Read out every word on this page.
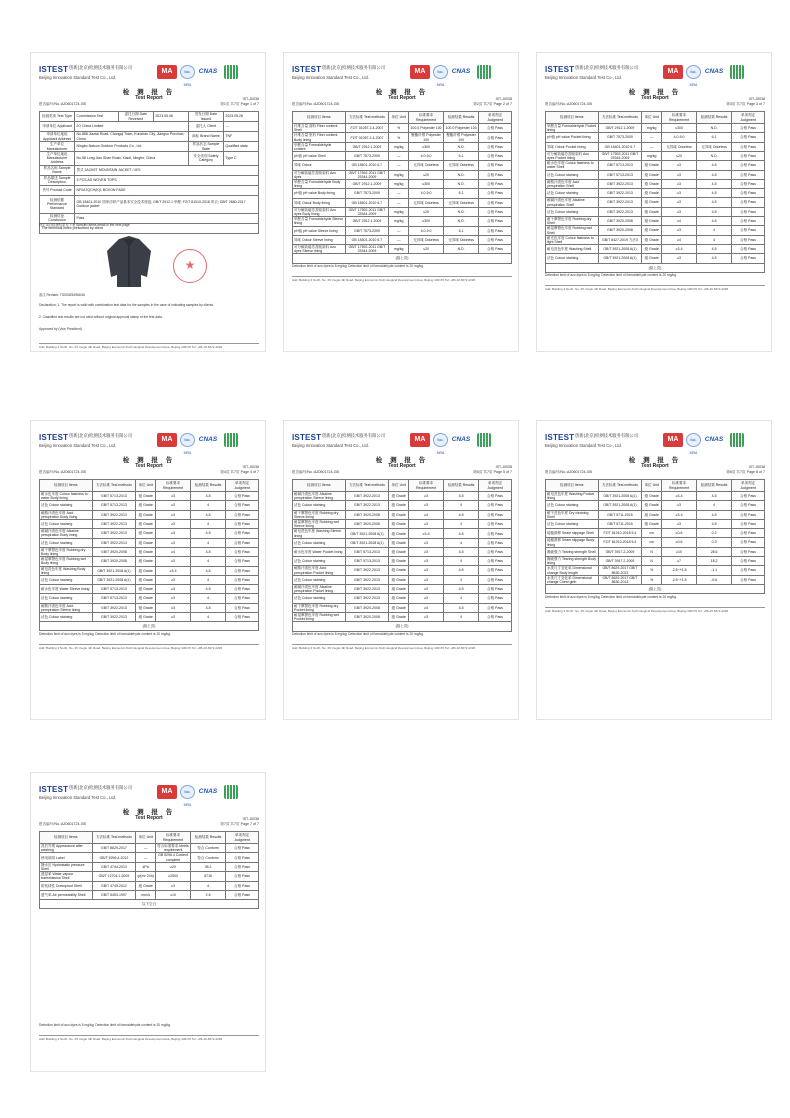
ISTEST 创新(北京)检测技术服务有限公司
Beijing Innovation Standard Test Co., Ltd.
MA	ilac-MRA
CNAS
检 测 报 告
Test Report
报告编号/No.:AZ0601724-GB
IST-J0038
第1页 共7页 Page 1 of 7
检测类别 Test Type	Commission Test	委托日期 Date Received	2023.05.06	签发日期 Date Issued	2023.05.26
申请单位 Applicant	JO China Limited			委托人 Client	---
申请单位地址 Applicant Address	No.888 Jiaotai Road, Chongqi Town, Kunshan City, Jiangsu Province, China			商标 Brand Name	TNF
生产单位 Manufacturer	Ningbo Natcon Outdoor Products Co., Ltd			样品状态 Sample State	Qualified state
生产单位地址 Manufacturer Address	No.58 Long Jiao Shan Road, Xiaoli, Ningbo, China			安全类别 Safety Category	Type C
样品名称 Sample Name	男式 JACKET MOUNTAIN JACKET / M'S				
样品描述 Sample Description	3 PCS AS WOVEN TOPS				
货号 Product Code	NF0A7QCH(K)1 BOXON FADE				
检测依据 Performance Standard	GB 18401-2010 国家纺织产品基本安全技术规范; GB/T 2912.1 甲醛; FZ/T 81010-2018 风衣; GB/T 2660-2017 Outdoor jacket				
检测结论 Conclusion	Pass				
The technical index prescribed by client					
特定项目检测结果见下表 Specific items detail in the next page
★
备注 Remark: TS000Z5496D46
Declaration: 1. The report is valid with combination test data for the samples in the case of indicating samples by clients.
2. Classified test results are not valid without original approval stamp of the test data.
Approved by (Vice President)
Add: Building 3 North, No. 25, Kegiu 4th Road, Beijing Economic-Technological Development Area, Beijing 100176 Tel: +86-10-6672-2296
ISTEST 创新(北京)检测技术服务有限公司
Beijing Innovation Standard Test Co., Ltd.
MA	ilac-MRA
CNAS
检 测 报 告
Test Report
报告编号/No.:AZ0601724-GB
IST-J0038
第2页 共7页 Page 2 of 7
检测项目 Items	方法标准 Test methods	单位 Unit	标准要求 Requirement	检测结果 Results	单项判定 Judgment
纤维含量 面料 Fiber content Shell	FZ/T 01057.2-4-2007	%	100.0 Polyester 100	100.0 Polyester 100	合格 Pass
纤维含量 里料 Fiber content Body lining	FZ/T 01057.2-4-2007	%	聚酯纤维 Polyester 100	聚酯纤维 Polyester 100	合格 Pass
甲醛含量 Formaldehyde content	GB/T 2912.1-2009	mg/kg	≤300	N.D.	合格 Pass
pH值 pH value Shell	GB/T 7573-2009	—	4.0-9.0	6.1	合格 Pass
异味 Odour	GB 18401-2010 6.7	—	无异味 Odorless	无异味 Odorless	合格 Pass
可分解致癌芳香胺染料 Azo dyes	GB/T 17592-2011 GB/T 23344-2009	mg/kg	≤20	N.D.	合格 Pass
甲醛含量 Formaldehyde Body lining	GB/T 2912.1-2009	mg/kg	≤300	N.D.	合格 Pass
pH值 pH value Body lining	GB/T 7573-2009	—	4.0-9.0	6.1	合格 Pass
异味 Odour Body lining	GB 18401-2010 6.7	—	无异味 Odorless	无异味 Odorless	合格 Pass
可分解致癌芳香胺染料 Azo dyes Body lining	GB/T 17592-2011 GB/T 23344-2009	mg/kg	≤20	N.D.	合格 Pass
甲醛含量 Formaldehyde Sleeve lining	GB/T 2912.1-2009	mg/kg	≤300	N.D.	合格 Pass
pH值 pH value Sleeve lining	GB/T 7573-2009	—	4.0-9.0	6.1	合格 Pass
异味 Odour Sleeve lining	GB 18401-2010 6.7	—	无异味 Odorless	无异味 Odorless	合格 Pass
可分解致癌芳香胺染料 Azo dyes Sleeve lining	GB/T 17592-2011 GB/T 23344-2009	mg/kg	≤20	N.D.	合格 Pass
(续上页)					
Detection limit of azo dyes is 5 mg/kg; Detection limit of formaldehyde content is 20 mg/kg.
Add: Building 3 North, No. 25, Kegiu 4th Road, Beijing Economic-Technological Development Area, Beijing 100176 Tel: +86-10-6672-2296
ISTEST 创新(北京)检测技术服务有限公司
Beijing Innovation Standard Test Co., Ltd.
MA	ilac-MRA
CNAS
检 测 报 告
Test Report
报告编号/No.:AZ0601724-GB
IST-J0038
第3页 共7页 Page 3 of 7
检测项目 Items	方法标准 Test methods	单位 Unit	标准要求 Requirement	检测结果 Results	单项判定 Judgment
甲醛含量 Formaldehyde Pocket lining	GB/T 2912.1-2009	mg/kg	≤300	N.D.	合格 Pass
pH值 pH value Pocket lining	GB/T 7573-2009	—	4.0-9.0	6.1	合格 Pass
异味 Odour Pocket lining	GB 18401-2010 6.7	—	无异味 Odorless	无异味 Odorless	合格 Pass
可分解致癌芳香胺染料 Azo dyes Pocket lining	GB/T 17592-2011 GB/T 23344-2009	mg/kg	≤20	N.D.	合格 Pass
耐水色牢度 Colour fastness to water Shell	GB/T 5713-2013	级 Grade	≥3	4-5	合格 Pass
沾色 Colour staining	GB/T 5713-2013	级 Grade	≥3	4-5	合格 Pass
耐酸汗渍色牢度 Acid perspiration Shell	GB/T 3922-2013	级 Grade	≥3	4-5	合格 Pass
沾色 Colour staining	GB/T 3922-2013	级 Grade	≥3	4-5	合格 Pass
耐碱汗渍色牢度 Alkaline perspiration Shell	GB/T 3922-2013	级 Grade	≥3	4-5	合格 Pass
沾色 Colour staining	GB/T 3922-2013	级 Grade	≥3	4-5	合格 Pass
耐干摩擦色牢度 Rubbing dry Shell	GB/T 3920-2008	级 Grade	≥4	4-5	合格 Pass
耐湿摩擦色牢度 Rubbing wet Shell	GB/T 3920-2008	级 Grade	≥3	4	合格 Pass
耐光色牢度 Colour fastness to light Shell	GB/T 8427-2019 方法3	级 Grade	≥4	4	合格 Pass
耐皂洗色牢度 Washing Shell	GB/T 3921-2008 A(1)	级 Grade	≥3-4	4-5	合格 Pass
沾色 Colour staining	GB/T 3921-2008 A(1)	级 Grade	≥3	4-5	合格 Pass
(续上页)					
Detection limit of azo dyes is 5 mg/kg; Detection limit of formaldehyde content is 20 mg/kg.
Add: Building 3 North, No. 25, Kegiu 4th Road, Beijing Economic-Technological Development Area, Beijing 100176 Tel: +86-10-6672-2296
ISTEST 创新(北京)检测技术服务有限公司
Beijing Innovation Standard Test Co., Ltd.
MA	ilac-MRA
CNAS
检 测 报 告
Test Report
报告编号/No.:AZ0601724-GB
IST-J0038
第4页 共7页 Page 4 of 7
检测项目 Items	方法标准 Test methods	单位 Unit	标准要求 Requirement	检测结果 Results	单项判定 Judgment
耐水色牢度 Colour fastness to water Body lining	GB/T 5713-2013	级 Grade	≥3	4-5	合格 Pass
沾色 Colour staining	GB/T 5713-2013	级 Grade	≥3	4	合格 Pass
耐酸汗渍色牢度 Acid perspiration Body lining	GB/T 3922-2013	级 Grade	≥3	4-5	合格 Pass
沾色 Colour staining	GB/T 3922-2013	级 Grade	≥3	4	合格 Pass
耐碱汗渍色牢度 Alkaline perspiration Body lining	GB/T 3922-2013	级 Grade	≥3	4-5	合格 Pass
沾色 Colour staining	GB/T 3922-2013	级 Grade	≥3	4	合格 Pass
耐干摩擦色牢度 Rubbing dry Body lining	GB/T 3920-2008	级 Grade	≥4	4-5	合格 Pass
耐湿摩擦色牢度 Rubbing wet Body lining	GB/T 3920-2008	级 Grade	≥3	4	合格 Pass
耐皂洗色牢度 Washing Body lining	GB/T 3921-2008 A(1)	级 Grade	≥3-4	4-5	合格 Pass
沾色 Colour staining	GB/T 3921-2008 A(1)	级 Grade	≥3	4	合格 Pass
耐水色牢度 Water Sleeve lining	GB/T 5713-2013	级 Grade	≥3	4-5	合格 Pass
沾色 Colour staining	GB/T 5713-2013	级 Grade	≥3	4	合格 Pass
耐酸汗渍色牢度 Acid perspiration Sleeve lining	GB/T 3922-2013	级 Grade	≥3	4-5	合格 Pass
沾色 Colour staining	GB/T 3922-2013	级 Grade	≥3	4	合格 Pass
(续上页)					
Detection limit of azo dyes is 5 mg/kg; Detection limit of formaldehyde content is 20 mg/kg.
Add: Building 3 North, No. 25, Kegiu 4th Road, Beijing Economic-Technological Development Area, Beijing 100176 Tel: +86-10-6672-2296
ISTEST 创新(北京)检测技术服务有限公司
Beijing Innovation Standard Test Co., Ltd.
MA	ilac-MRA
CNAS
检 测 报 告
Test Report
报告编号/No.:AZ0601724-GB
IST-J0038
第5页 共7页 Page 5 of 7
检测项目 Items	方法标准 Test methods	单位 Unit	标准要求 Requirement	检测结果 Results	单项判定 Judgment
耐碱汗渍色牢度 Alkaline perspiration Sleeve lining	GB/T 3922-2013	级 Grade	≥3	4-5	合格 Pass
沾色 Colour staining	GB/T 3922-2013	级 Grade	≥3	4	合格 Pass
耐干摩擦色牢度 Rubbing dry Sleeve lining	GB/T 3920-2008	级 Grade	≥4	4-5	合格 Pass
耐湿摩擦色牢度 Rubbing wet Sleeve lining	GB/T 3920-2008	级 Grade	≥3	4	合格 Pass
耐皂洗色牢度 Washing Sleeve lining	GB/T 3921-2008 A(1)	级 Grade	≥3-4	4-5	合格 Pass
沾色 Colour staining	GB/T 3921-2008 A(1)	级 Grade	≥3	4	合格 Pass
耐水色牢度 Water Pocket lining	GB/T 5713-2013	级 Grade	≥3	4-5	合格 Pass
沾色 Colour staining	GB/T 5713-2013	级 Grade	≥3	4	合格 Pass
耐酸汗渍色牢度 Acid perspiration Pocket lining	GB/T 3922-2013	级 Grade	≥3	4-5	合格 Pass
沾色 Colour staining	GB/T 3922-2013	级 Grade	≥3	4	合格 Pass
耐碱汗渍色牢度 Alkaline perspiration Pocket lining	GB/T 3922-2013	级 Grade	≥3	4-5	合格 Pass
沾色 Colour staining	GB/T 3922-2013	级 Grade	≥3	4	合格 Pass
耐干摩擦色牢度 Rubbing dry Pocket lining	GB/T 3920-2008	级 Grade	≥4	4-5	合格 Pass
耐湿摩擦色牢度 Rubbing wet Pocket lining	GB/T 3920-2008	级 Grade	≥3	4	合格 Pass
(续上页)					
Detection limit of azo dyes is 5 mg/kg; Detection limit of formaldehyde content is 20 mg/kg.
Add: Building 3 North, No. 25, Kegiu 4th Road, Beijing Economic-Technological Development Area, Beijing 100176 Tel: +86-10-6672-2296
ISTEST 创新(北京)检测技术服务有限公司
Beijing Innovation Standard Test Co., Ltd.
MA	ilac-MRA
CNAS
检 测 报 告
Test Report
报告编号/No.:AZ0601724-GB
IST-J0038
第6页 共7页 Page 6 of 7
检测项目 Items	方法标准 Test methods	单位 Unit	标准要求 Requirement	检测结果 Results	单项判定 Judgment
耐皂洗色牢度 Washing Pocket lining	GB/T 3921-2008 A(1)	级 Grade	≥3-4	4-5	合格 Pass
沾色 Colour staining	GB/T 3921-2008 A(1)	级 Grade	≥3	4	合格 Pass
耐干洗色牢度 Dry cleaning Shell	GB/T 5711-2015	级 Grade	≥3-4	4-5	合格 Pass
沾色 Colour staining	GB/T 5711-2015	级 Grade	≥3	4-5	合格 Pass
接缝滑移 Seam slippage Shell	FZ/T 81010-2018 5.4	cm	≤0.6	0.2	合格 Pass
接缝滑移 Seam slippage Body lining	FZ/T 81010-2018 5.4	cm	≤0.6	0.3	合格 Pass
撕破强力 Tearing strength Shell	GB/T 3917.2-2009	N	≥10	28.6	合格 Pass
撕破强力 Tearing strength Body lining	GB/T 3917.2-2009	N	≥7	18.2	合格 Pass
水洗尺寸变化率 Dimensional change Body length	GB/T 8629-2017 GB/T 8630-2013	%	-2.5~+1.5	-1.1	合格 Pass
水洗尺寸变化率 Dimensional change Chest girth	GB/T 8629-2017 GB/T 8630-2013	%	-2.5~+1.5	-0.6	合格 Pass
(续上页)					
Detection limit of azo dyes is 5 mg/kg; Detection limit of formaldehyde content is 20 mg/kg.
Add: Building 3 North, No. 25, Kegiu 4th Road, Beijing Economic-Technological Development Area, Beijing 100176 Tel: +86-10-6672-2296
ISTEST 创新(北京)检测技术服务有限公司
Beijing Innovation Standard Test Co., Ltd.
MA	ilac-MRA
CNAS
检 测 报 告
Test Report
报告编号/No.:AZ0601724-GB
IST-J0038
第7页 共7页 Page 7 of 7
检测项目 Items	方法标准 Test methods	单位 Unit	标准要求 Requirement	检测结果 Results	单项判定 Judgment
洗后外观 Appearance after washing	GB/T 8629-2017	—	符合标准要求 Meets requirement	符合 Conform	合格 Pass
使用说明 Label	GB/T 5296.4-2012	—	GB 5296.4 Content complete	符合 Conform	合格 Pass
静水压 Hydrostatic pressure Shell	GB/T 4744-2013	kPa	≥20	35.2	合格 Pass
透湿率 Water vapour transmission Shell	GB/T 12704.1-2009	g/(m²·24h)	≥2500	6716	合格 Pass
防钻绒性 Downproof Shell	GB/T 4745-2012	级 Grade	≥3	4	合格 Pass
透气率 Air permeability Shell	GB/T 5453-1997	mm/s	≤10	2.6	合格 Pass
以下空白					
Detection limit of azo dyes is 5 mg/kg; Detection limit of formaldehyde content is 20 mg/kg.
Add: Building 3 North, No. 25, Kegiu 4th Road, Beijing Economic-Technological Development Area, Beijing 100176 Tel: +86-10-6672-2296
